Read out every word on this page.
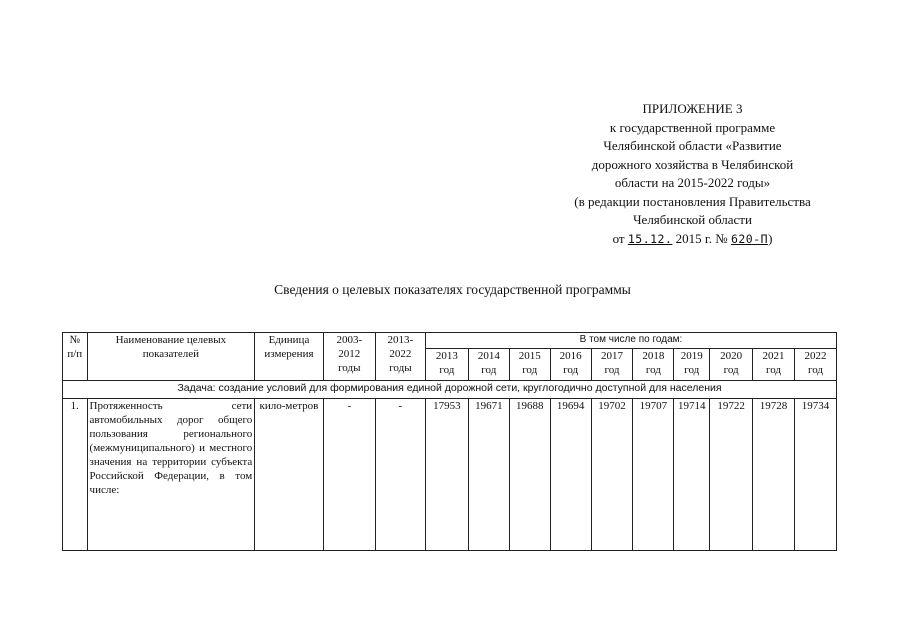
ПРИЛОЖЕНИЕ 3
к государственной программе
Челябинской области «Развитие
дорожного хозяйства в Челябинской
области на 2015-2022 годы»
(в редакции постановления Правительства
Челябинской области
от 15.12. 2015 г. № 620-П)
Сведения о целевых показателях государственной программы
№ п/п	Наименование целевых показателей	Единица измерения	2003-2012 годы	2013-2022 годы	В том числе по годам:									
					2013 год	2014 год	2015 год	2016 год	2017 год	2018 год	2019 год	2020 год	2021 год	2022 год
Задача: создание условий для формирования единой дорожной сети, круглогодично доступной для населения														
1.	Протяженность сети автомобильных дорог общего пользования регионального (межмуниципального) и местного значения на территории субъекта Российской Федерации, в том числе:	кило-метров	-	-	17953	19671	19688	19694	19702	19707	19714	19722	19728	19734
